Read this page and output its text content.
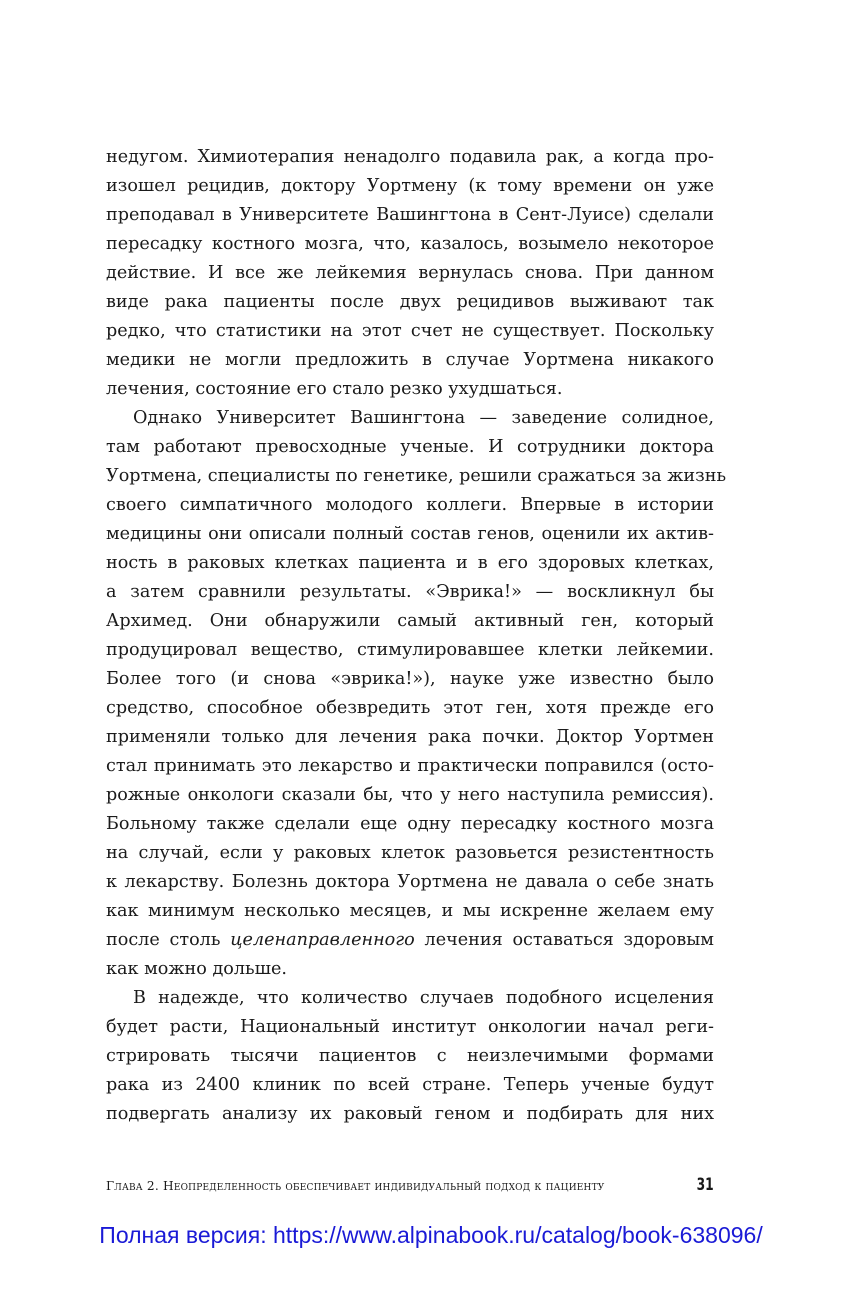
недугом. Химиотерапия ненадолго подавила рак, а когда про-
изошел рецидив, доктору Уортмену (к тому времени он уже
преподавал в Университете Вашингтона в Сент-Луисе) сделали
пересадку костного мозга, что, казалось, возымело некоторое
действие. И все же лейкемия вернулась снова. При данном
виде рака пациенты после двух рецидивов выживают так
редко, что статистики на этот счет не существует. Поскольку
медики не могли предложить в случае Уортмена никакого
лечения, состояние его стало резко ухудшаться.
Однако Университет Вашингтона — заведение солидное,
там работают превосходные ученые. И сотрудники доктора
Уортмена, специалисты по генетике, решили сражаться за жизнь
своего симпатичного молодого коллеги. Впервые в истории
медицины они описали полный состав генов, оценили их актив-
ность в раковых клетках пациента и в его здоровых клетках,
а затем сравнили результаты. «Эврика!» — воскликнул бы
Архимед. Они обнаружили самый активный ген, который
продуцировал вещество, стимулировавшее клетки лейкемии.
Более того (и снова «эврика!»), науке уже известно было
средство, способное обезвредить этот ген, хотя прежде его
применяли только для лечения рака почки. Доктор Уортмен
стал принимать это лекарство и практически поправился (осто-
рожные онкологи сказали бы, что у него наступила ремиссия).
Больному также сделали еще одну пересадку костного мозга
на случай, если у раковых клеток разовьется резистентность
к лекарству. Болезнь доктора Уортмена не давала о себе знать
как минимум несколько месяцев, и мы искренне желаем ему
после столь целенаправленного лечения оставаться здоровым
как можно дольше.
В надежде, что количество случаев подобного исцеления
будет расти, Национальный институт онкологии начал реги-
стрировать тысячи пациентов с неизлечимыми формами
рака из 2400 клиник по всей стране. Теперь ученые будут
подвергать анализу их раковый геном и подбирать для них
Глава 2. Неопределенность обеспечивает индивидуальный подход к пациенту	31
Полная версия: https://www.alpinabook.ru/catalog/book-638096/
